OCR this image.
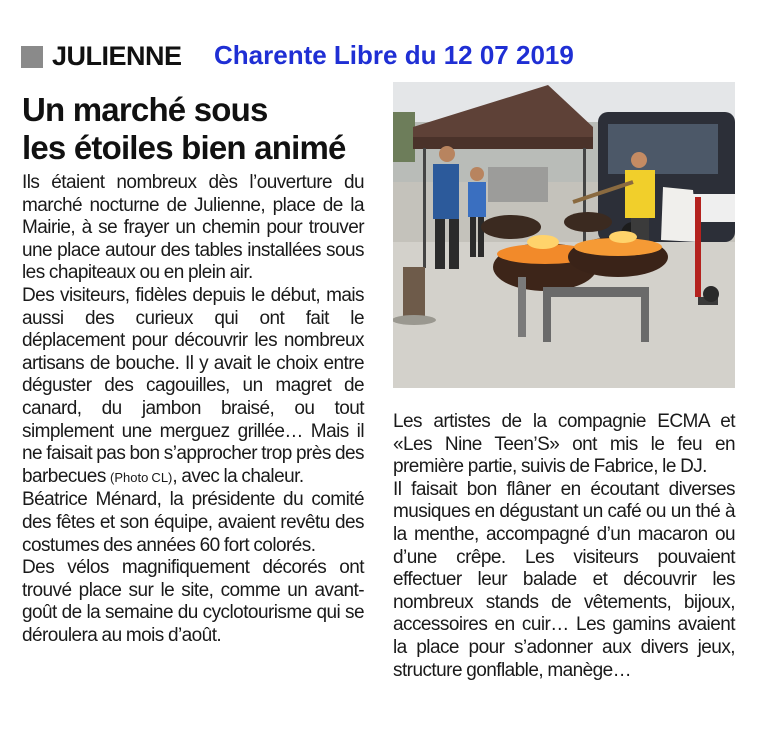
JULIENNE Charente Libre du 12 07 2019
Un marché sous
les étoiles bien animé

Ils étaient nombreux dès l’ouverture du marché nocturne de Julienne, place de la Mairie, à se frayer un chemin pour trouver une place autour des tables installées sous les chapiteaux ou en plein air.

Des visiteurs, fidèles depuis le début, mais aussi des curieux qui ont fait le déplacement pour découvrir les nombreux artisans de bouche. Il y avait le choix entre déguster des cagouilles, un magret de canard, du jambon braisé, ou tout simplement une merguez grillée… Mais il ne faisait pas bon s’approcher trop près des barbecues (Photo CL), avec la chaleur.

Béatrice Ménard, la présidente du comité des fêtes et son équipe, avaient revêtu des costumes des années 60 fort colorés.

Des vélos magnifiquement décorés ont trouvé place sur le site, comme un avant-goût de la semaine du cyclotourisme qui se déroulera au mois d’août.

Les artistes de la compagnie ECMA et «Les Nine Teen’S» ont mis le feu en première partie, suivis de Fabrice, le DJ.

Il faisait bon flâner en écoutant diverses musiques en dégustant un café ou un thé à la menthe, accompagné d’un macaron ou d’une crêpe. Les visiteurs pouvaient effectuer leur balade et découvrir les nombreux stands de vêtements, bijoux, accessoires en cuir… Les gamins avaient la place pour s’adonner aux divers jeux, structure gonflable, manège…
